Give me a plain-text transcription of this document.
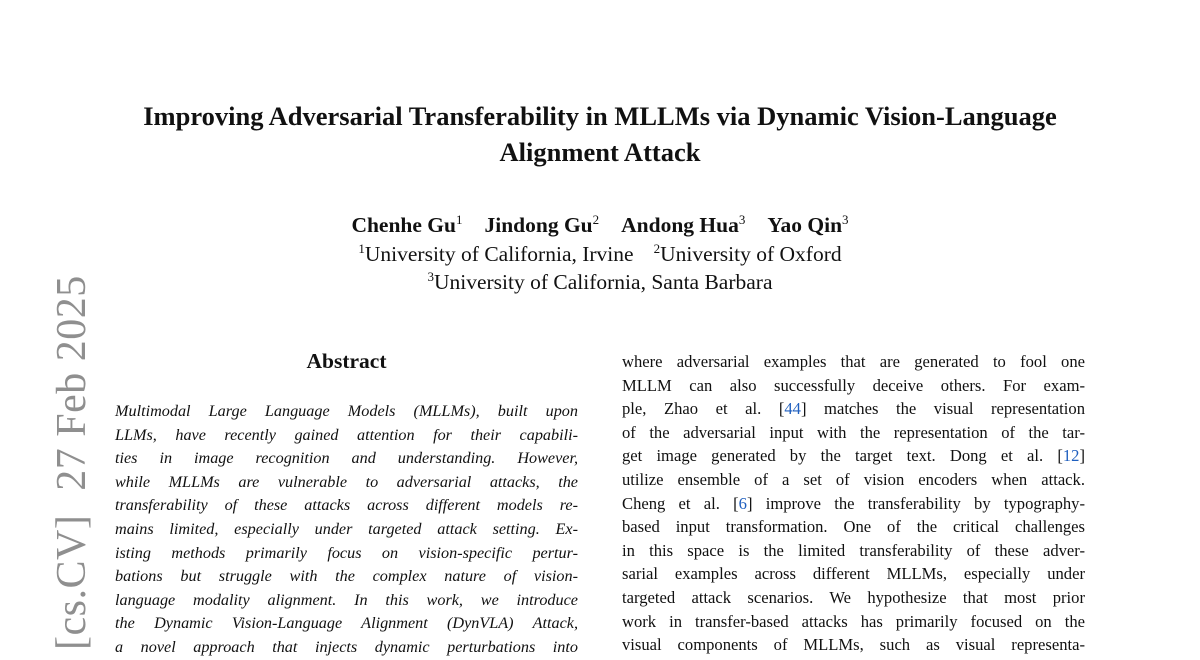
[cs.CV]27 Feb 2025
Improving Adversarial Transferability in MLLMs via Dynamic Vision-Language
Alignment Attack
Chenhe Gu$^1$ Jindong Gu$^2$ Andong Hua$^3$ Yao Qin$^3$
$^1$University of California, Irvine $^2$University of Oxford
$^3$University of California, Santa Barbara
Abstract
Multimodal Large Language Models (MLLMs), built upon
LLMs, have recently gained attention for their capabili-
ties in image recognition and understanding. However,
while MLLMs are vulnerable to adversarial attacks, the
transferability of these attacks across different models re-
mains limited, especially under targeted attack setting. Ex-
isting methods primarily focus on vision-specific pertur-
bations but struggle with the complex nature of vision-
language modality alignment. In this work, we introduce
the Dynamic Vision-Language Alignment (DynVLA) Attack,
a novel approach that injects dynamic perturbations into
where adversarial examples that are generated to fool one
MLLM can also successfully deceive others. For exam-
ple, Zhao et al. [44] matches the visual representation
of the adversarial input with the representation of the tar-
get image generated by the target text. Dong et al. [12]
utilize ensemble of a set of vision encoders when attack.
Cheng et al. [6] improve the transferability by typography-
based input transformation. One of the critical challenges
in this space is the limited transferability of these adver-
sarial examples across different MLLMs, especially under
targeted attack scenarios. We hypothesize that most prior
work in transfer-based attacks has primarily focused on the
visual components of MLLMs, such as visual representa-
